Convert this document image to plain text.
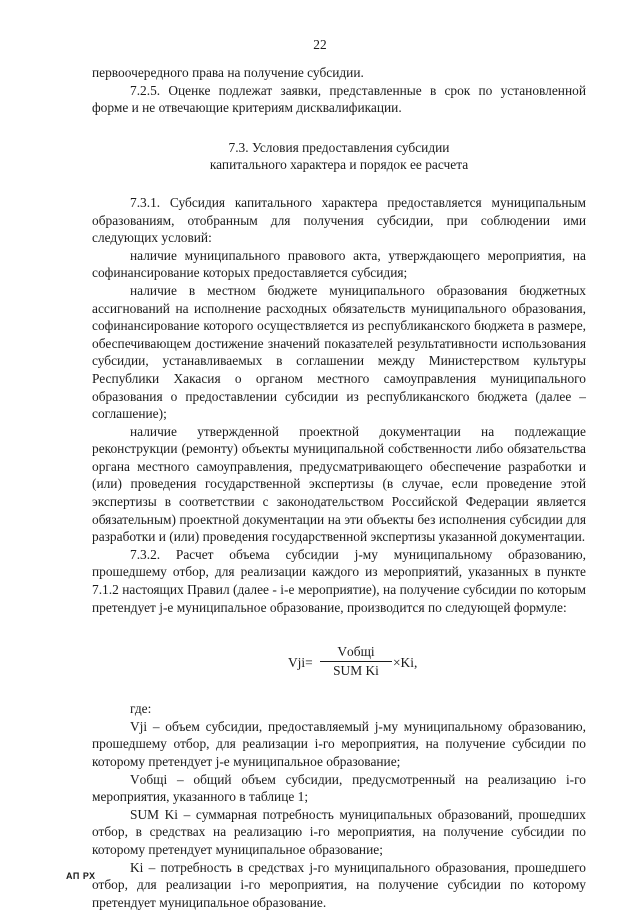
22

первоочередного права на получение субсидии.

7.2.5. Оценке подлежат заявки, представленные в срок по установленной форме и не отвечающие критериям дисквалификации.

7.3. Условия предоставления субсидии
капитального характера и порядок ее расчета

7.3.1. Субсидия капитального характера предоставляется муниципальным образованиям, отобранным для получения субсидии, при соблюдении ими следующих условий:

наличие муниципального правового акта, утверждающего мероприятия, на софинансирование которых предоставляется субсидия;

наличие в местном бюджете муниципального образования бюджетных ассигнований на исполнение расходных обязательств муниципального образования, софинансирование которого осуществляется из республиканского бюджета в размере, обеспечивающем достижение значений показателей результативности использования субсидии, устанавливаемых в соглашении между Министерством культуры Республики Хакасия о органом местного самоуправления муниципального образования о предоставлении субсидии из республиканского бюджета (далее – соглашение);

наличие утвержденной проектной документации на подлежащие реконструкции (ремонту) объекты муниципальной собственности либо обязательства органа местного самоуправления, предусматривающего обеспечение разработки и (или) проведения государственной экспертизы (в случае, если проведение этой экспертизы в соответствии с законодательством Российской Федерации является обязательным) проектной документации на эти объекты без исполнения субсидии для разработки и (или) проведения государственной экспертизы указанной документации.

7.3.2. Расчет объема субсидии j-му муниципальному образованию, прошедшему отбор, для реализации каждого из мероприятий, указанных в пункте 7.1.2 настоящих Правил (далее - i-е мероприятие), на получение субсидии по которым претендует j-е муниципальное образование, производится по следующей формуле:

Vji=
Vобщi
SUM Ki
×Ki,

где:

Vji – объем субсидии, предоставляемый j-му муниципальному образованию, прошедшему отбор, для реализации i-го мероприятия, на получение субсидии по которому претендует j-е муниципальное образование;

Vобщi – общий объем субсидии, предусмотренный на реализацию i-го мероприятия, указанного в таблице 1;

SUM Ki – суммарная потребность муниципальных образований, прошедших отбор, в средствах на реализацию i-го мероприятия, на получение субсидии по которому претендует муниципальное образование;

Ki – потребность в средствах j-го муниципального образования, прошедшего отбор, для реализации i-го мероприятия, на получение субсидии по которому претендует муниципальное образование.

АП РХ
